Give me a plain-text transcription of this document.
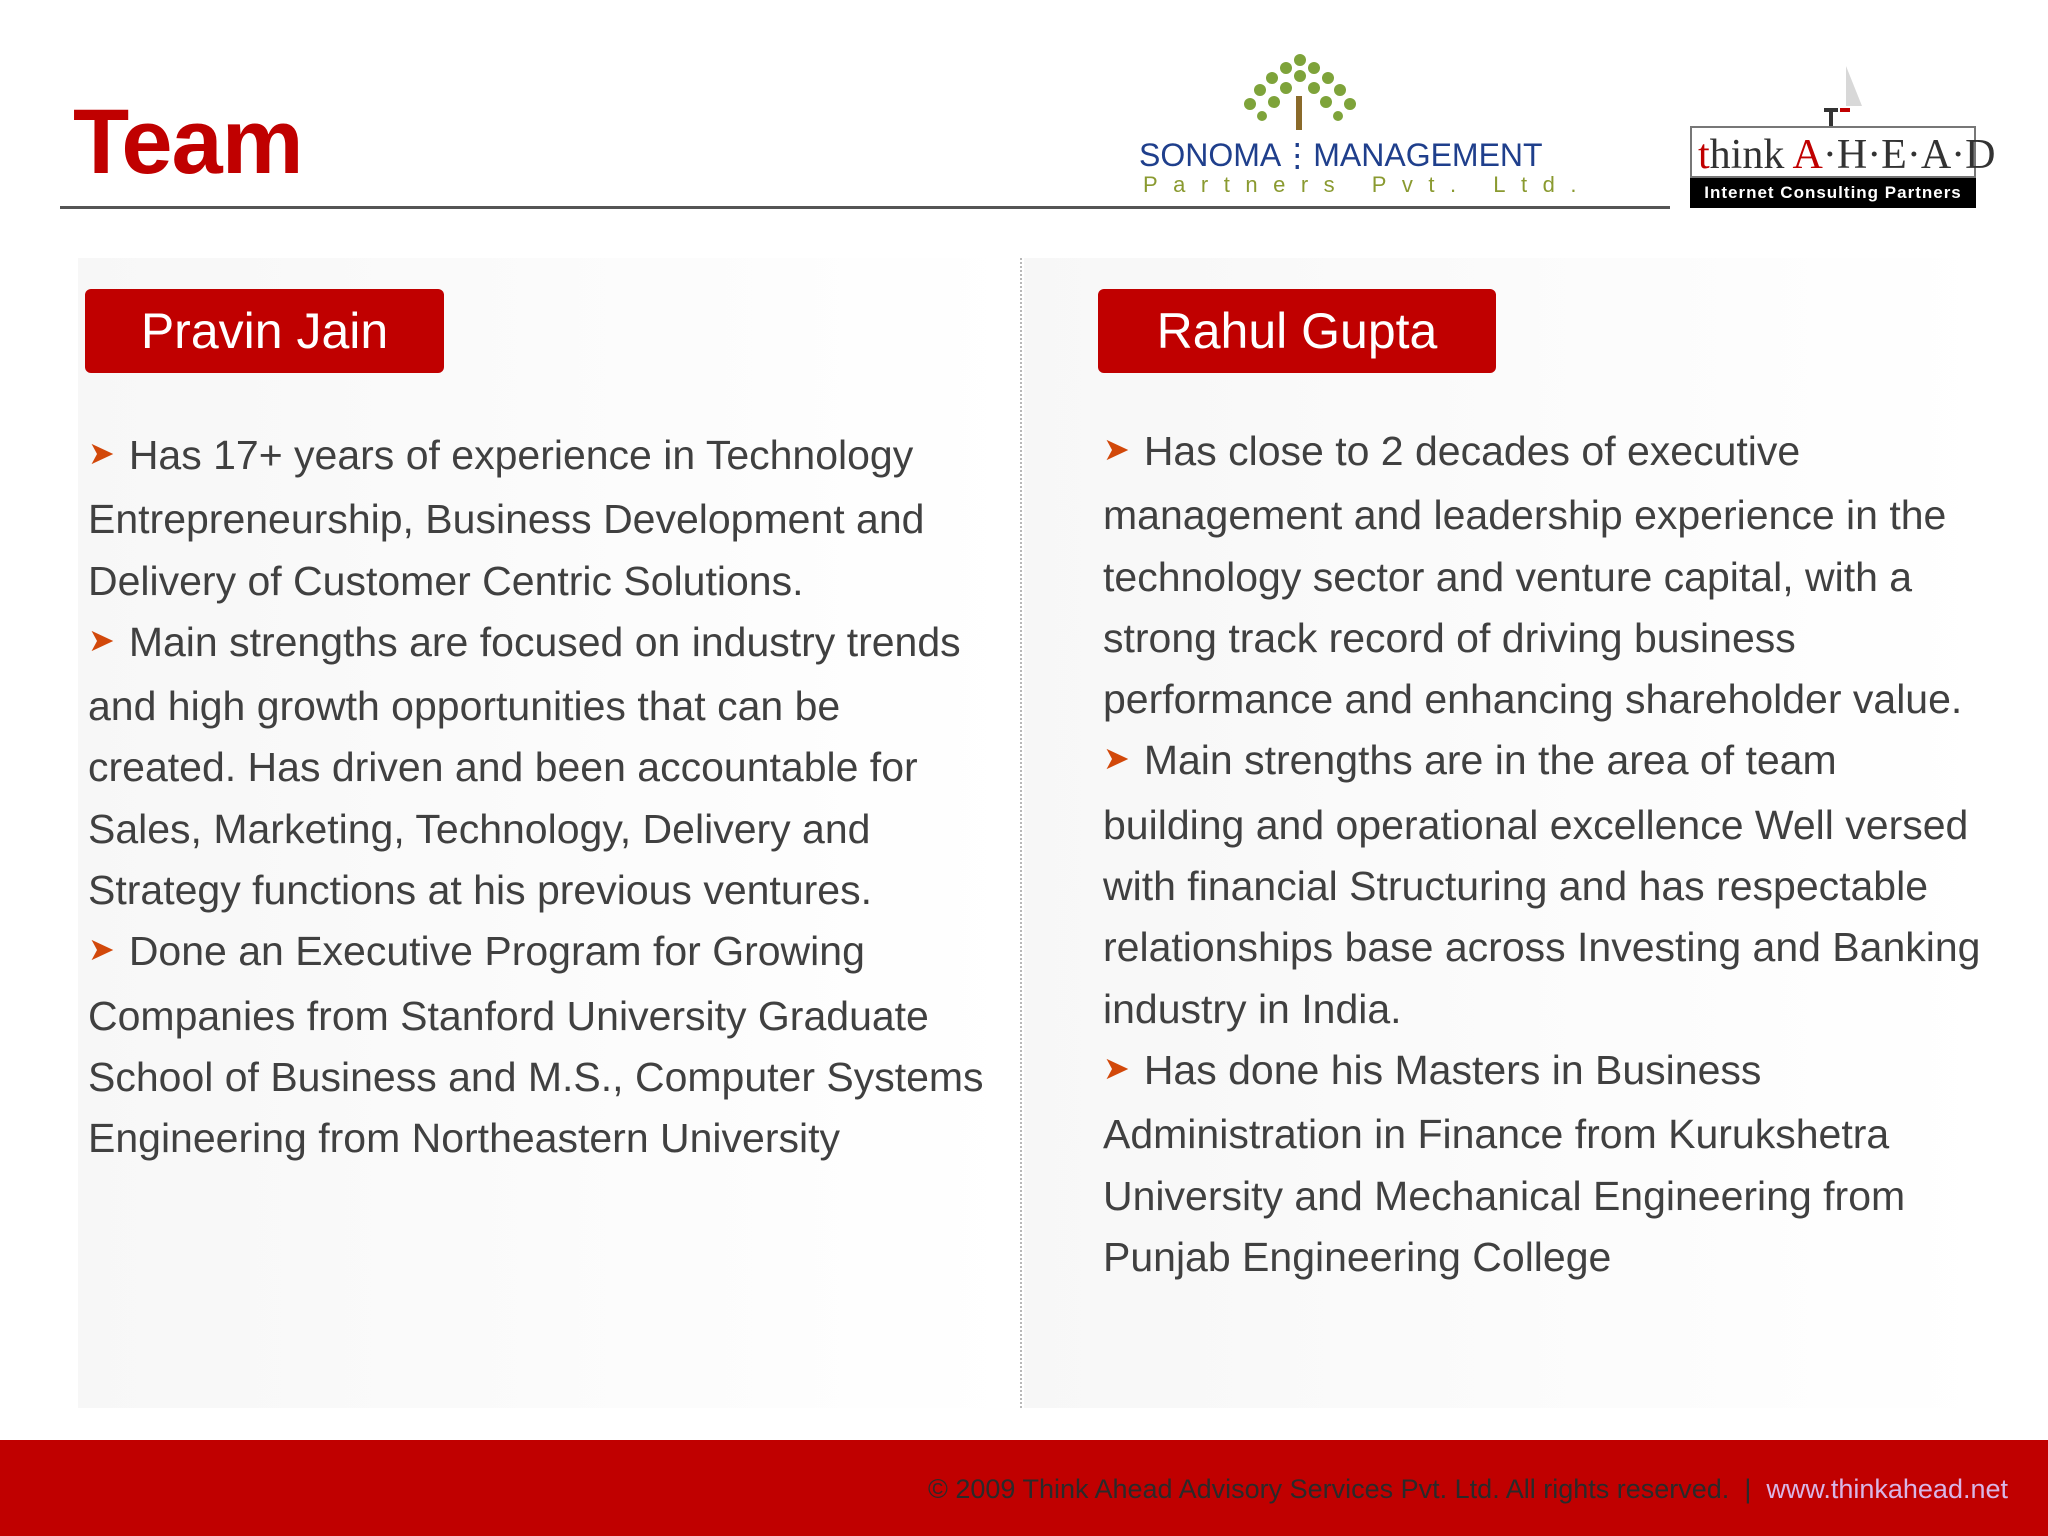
Team	SONOMA⋮MANAGEMENT
Partners Pvt. Ltd.
think A·H·E·A·D
Internet Consulting Partners
Pravin Jain	Rahul Gupta

➤ Has 17+ years of experience in Technology Entrepreneurship, Business Development and Delivery of Customer Centric Solutions.

➤ Main strengths are focused on industry trends and high growth opportunities that can be created. Has driven and been accountable for Sales, Marketing, Technology, Delivery and Strategy functions at his previous ventures.

➤ Done an Executive Program for Growing Companies from Stanford University Graduate School of Business and M.S., Computer Systems Engineering from Northeastern University

➤ Has close to 2 decades of executive management and leadership experience in the technology sector and venture capital, with a strong track record of driving business performance and enhancing shareholder value.

➤ Main strengths are in the area of team building and operational excellence Well versed with financial Structuring and has respectable relationships base across Investing and Banking industry in India.

➤ Has done his Masters in Business Administration in Finance from Kurukshetra University and Mechanical Engineering from Punjab Engineering College

© 2009 Think Ahead Advisory Services Pvt. Ltd. All rights reserved. | www.thinkahead.net
